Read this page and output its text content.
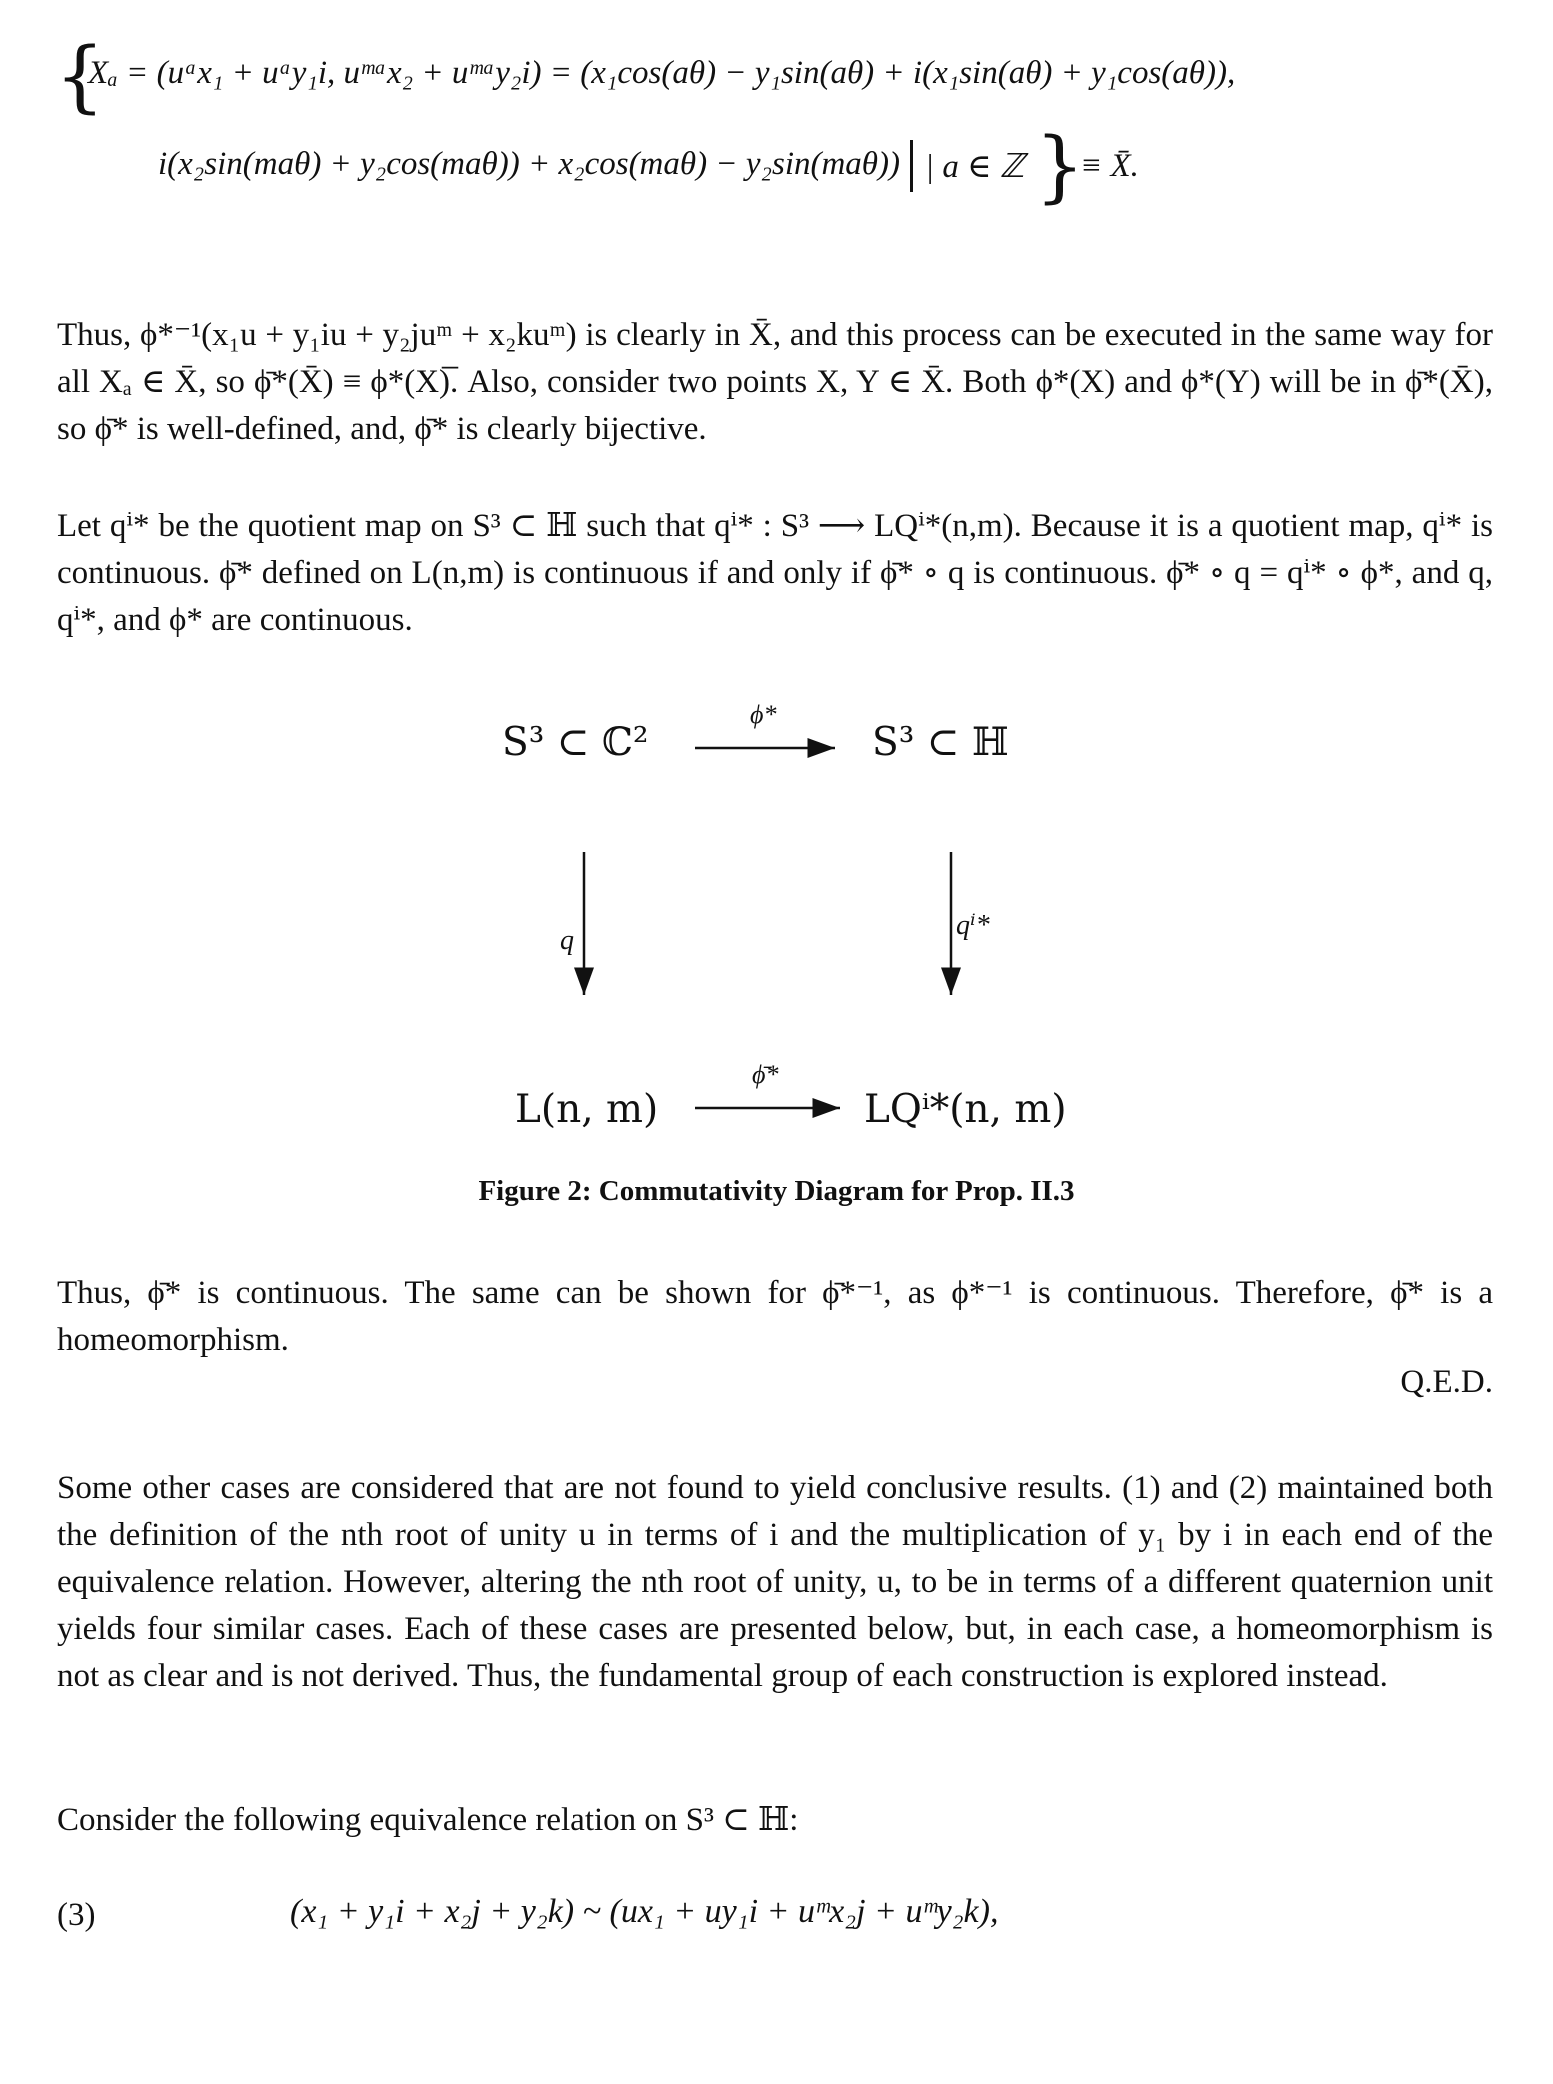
{
Xₐ = (uᵃx₁ + uᵃy₁i, uᵐᵃx₂ + uᵐᵃy₂i) = (x₁cos(aθ) − y₁sin(aθ) + i(x₁sin(aθ) + y₁cos(aθ)),
i(x₂sin(maθ) + y₂cos(maθ)) + x₂cos(maθ) − y₂sin(maθ)) | a ∈ ℤ }
≡ X̄.
Thus, ϕ*⁻¹(x₁u + y₁iu + y₂juᵐ + x₂kuᵐ) is clearly in X̄, and this process can be executed in the same way for all Xₐ ∈ X̄, so ϕ̄*(X̄) ≡ ϕ*(X)̅. Also, consider two points X, Y ∈ X̄. Both ϕ*(X) and ϕ*(Y) will be in ϕ̄*(X̄), so ϕ̄* is well-defined, and, ϕ̄* is clearly bijective.
Let qⁱ* be the quotient map on S³ ⊂ ℍ such that qⁱ* : S³ ⟶ LQⁱ*(n,m). Because it is a quotient map, qⁱ* is continuous. ϕ̄* defined on L(n,m) is continuous if and only if ϕ̄* ∘ q is continuous. ϕ̄* ∘ q = qⁱ* ∘ ϕ*, and q, qⁱ*, and ϕ* are continuous.
S³ ⊂ ℂ²	S³ ⊂ ℍ
L(n, m)	LQⁱ*(n, m)
ϕ*
ϕ̄*
q	qⁱ*
Figure 2: Commutativity Diagram for Prop. II.3
Thus, ϕ̄* is continuous. The same can be shown for ϕ̄*⁻¹, as ϕ*⁻¹ is continuous. Therefore, ϕ̄* is a homeomorphism.
Q.E.D.
Some other cases are considered that are not found to yield conclusive results. (1) and (2) maintained both the definition of the nth root of unity u in terms of i and the multiplication of y₁ by i in each end of the equivalence relation. However, altering the nth root of unity, u, to be in terms of a different quaternion unit yields four similar cases. Each of these cases are presented below, but, in each case, a homeomorphism is not as clear and is not derived. Thus, the fundamental group of each construction is explored instead.
Consider the following equivalence relation on S³ ⊂ ℍ:
(3)	(x₁ + y₁i + x₂j + y₂k) ~ (ux₁ + uy₁i + uᵐx₂j + uᵐy₂k),
